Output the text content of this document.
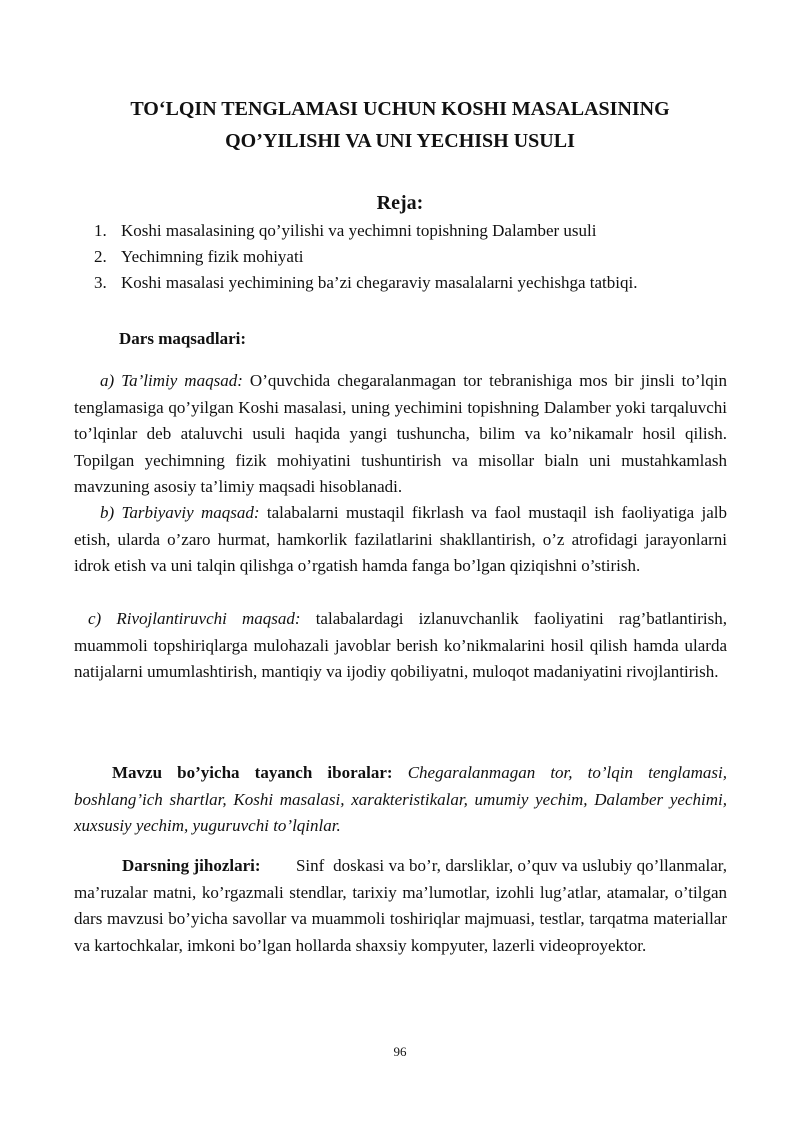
TO‘LQIN TENGLAMASI UCHUN KOSHI MASALASINING
QO’YILISHI VA UNI YECHISH USULI
Reja:
1. Koshi masalasining qo’yilishi va yechimni topishning Dalamber usuli
2. Yechimning fizik mohiyati
3. Koshi masalasi yechimining ba’zi chegaraviy masalalarni yechishga tatbiqi.
Dars maqsadlari:

a) Ta’limiy maqsad: O’quvchida chegaralanmagan tor tebranishiga mos bir jinsli to’lqin tenglamasiga qo’yilgan Koshi masalasi, uning yechimini topishning Dalamber yoki tarqaluvchi to’lqinlar deb ataluvchi usuli haqida yangi tushuncha, bilim va ko’nikamalr hosil qilish. Topilgan yechimning fizik mohiyatini tushuntirish va misollar bialn uni mustahkamlash mavzuning asosiy ta’limiy maqsadi hisoblanadi.

b) Tarbiyaviy maqsad: talabalarni mustaqil fikrlash va faol mustaqil ish faoliyatiga jalb etish, ularda o’zaro hurmat, hamkorlik fazilatlarini shakllantirish, o’z atrofidagi jarayonlarni idrok etish va uni talqin qilishga o’rgatish hamda fanga bo’lgan qiziqishni o’stirish.

c) Rivojlantiruvchi maqsad: talabalardagi izlanuvchanlik faoliyatini rag’batlantirish, muammoli topshiriqlarga mulohazali javoblar berish ko’nikmalarini hosil qilish hamda ularda natijalarni umumlashtirish, mantiqiy va ijodiy qobiliyatni, muloqot madaniyatini rivojlantirish.

Mavzu bo’yicha tayanch iboralar: Chegaralanmagan tor, to’lqin tenglamasi, boshlang’ich shartlar, Koshi masalasi, xarakteristikalar, umumiy yechim, Dalamber yechimi, xuxsusiy yechim, yuguruvchi to’lqinlar.

Darsning jihozlari:        Sinf  doskasi va bo’r, darsliklar, o’quv va uslubiy qo’llanmalar, ma’ruzalar matni, ko’rgazmali stendlar, tarixiy ma’lumotlar, izohli lug’atlar, atamalar, o’tilgan dars mavzusi bo’yicha savollar va muammoli toshiriqlar majmuasi, testlar, tarqatma materiallar va kartochkalar, imkoni bo’lgan hollarda shaxsiy kompyuter, lazerli videoproyektor.

96
